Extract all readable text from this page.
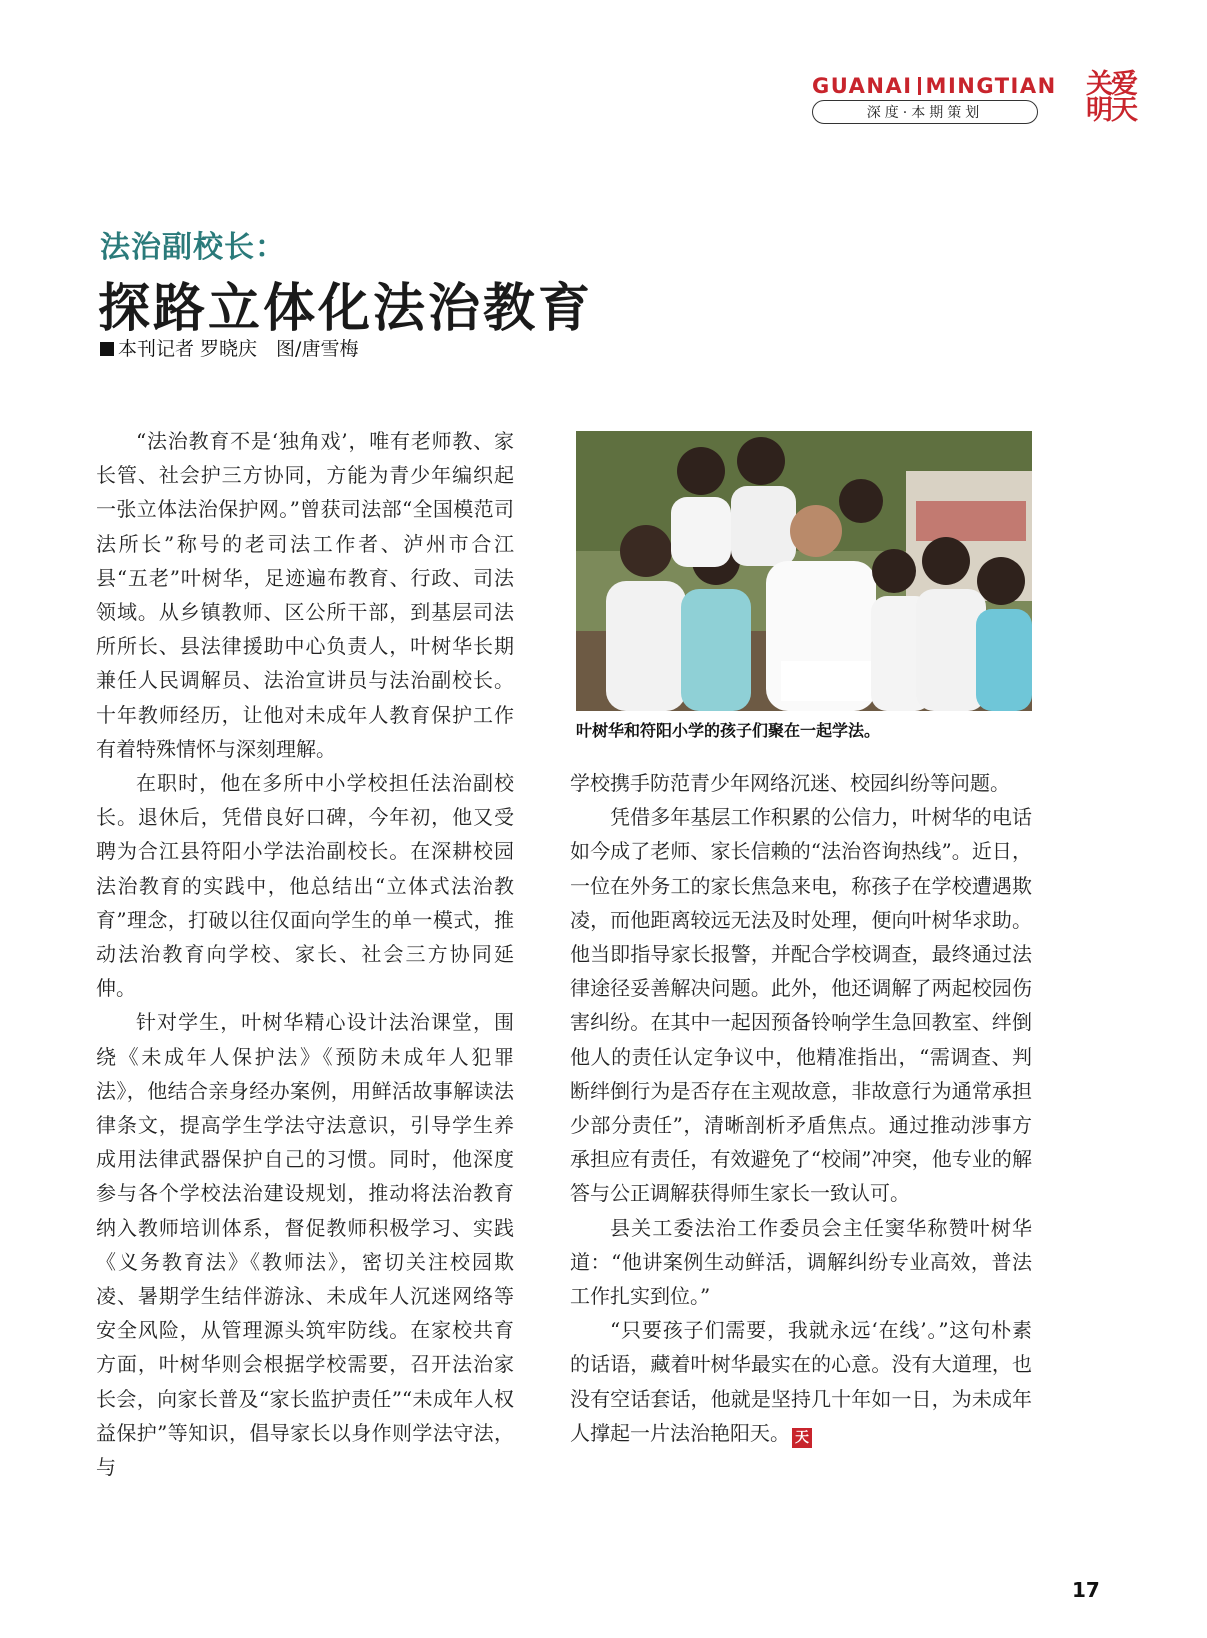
GUANAI MINGTIAN
深度·本期策划
关爱明天
法治副校长：
探路立体化法治教育
本刊记者 罗晓庆　图/唐雪梅

“法治教育不是‘独角戏’，唯有老师教、家长管、社会护三方协同，方能为青少年编织起一张立体法治保护网。”曾获司法部“全国模范司法所长”称号的老司法工作者、泸州市合江县“五老”叶树华，足迹遍布教育、行政、司法领域。从乡镇教师、区公所干部，到基层司法所所长、县法律援助中心负责人，叶树华长期兼任人民调解员、法治宣讲员与法治副校长。十年教师经历，让他对未成年人教育保护工作有着特殊情怀与深刻理解。

在职时，他在多所中小学校担任法治副校长。退休后，凭借良好口碑，今年初，他又受聘为合江县符阳小学法治副校长。在深耕校园法治教育的实践中，他总结出“立体式法治教育”理念，打破以往仅面向学生的单一模式，推动法治教育向学校、家长、社会三方协同延伸。

针对学生，叶树华精心设计法治课堂，围绕《未成年人保护法》《预防未成年人犯罪法》，他结合亲身经办案例，用鲜活故事解读法律条文，提高学生学法守法意识，引导学生养成用法律武器保护自己的习惯。同时，他深度参与各个学校法治建设规划，推动将法治教育纳入教师培训体系，督促教师积极学习、实践《义务教育法》《教师法》，密切关注校园欺凌、暑期学生结伴游泳、未成年人沉迷网络等安全风险，从管理源头筑牢防线。在家校共育方面，叶树华则会根据学校需要，召开法治家长会，向家长普及“家长监护责任”“未成年人权益保护”等知识，倡导家长以身作则学法守法，与

叶树华和符阳小学的孩子们聚在一起学法。

学校携手防范青少年网络沉迷、校园纠纷等问题。

凭借多年基层工作积累的公信力，叶树华的电话如今成了老师、家长信赖的“法治咨询热线”。近日，一位在外务工的家长焦急来电，称孩子在学校遭遇欺凌，而他距离较远无法及时处理，便向叶树华求助。他当即指导家长报警，并配合学校调查，最终通过法律途径妥善解决问题。此外，他还调解了两起校园伤害纠纷。在其中一起因预备铃响学生急回教室、绊倒他人的责任认定争议中，他精准指出，“需调查、判断绊倒行为是否存在主观故意，非故意行为通常承担少部分责任”，清晰剖析矛盾焦点。通过推动涉事方承担应有责任，有效避免了“校闹”冲突，他专业的解答与公正调解获得师生家长一致认可。

县关工委法治工作委员会主任窦华称赞叶树华道：“他讲案例生动鲜活，调解纠纷专业高效，普法工作扎实到位。”

“只要孩子们需要，我就永远‘在线’。”这句朴素的话语，藏着叶树华最实在的心意。没有大道理，也没有空话套话，他就是坚持几十年如一日，为未成年人撑起一片法治艳阳天。 天

17
